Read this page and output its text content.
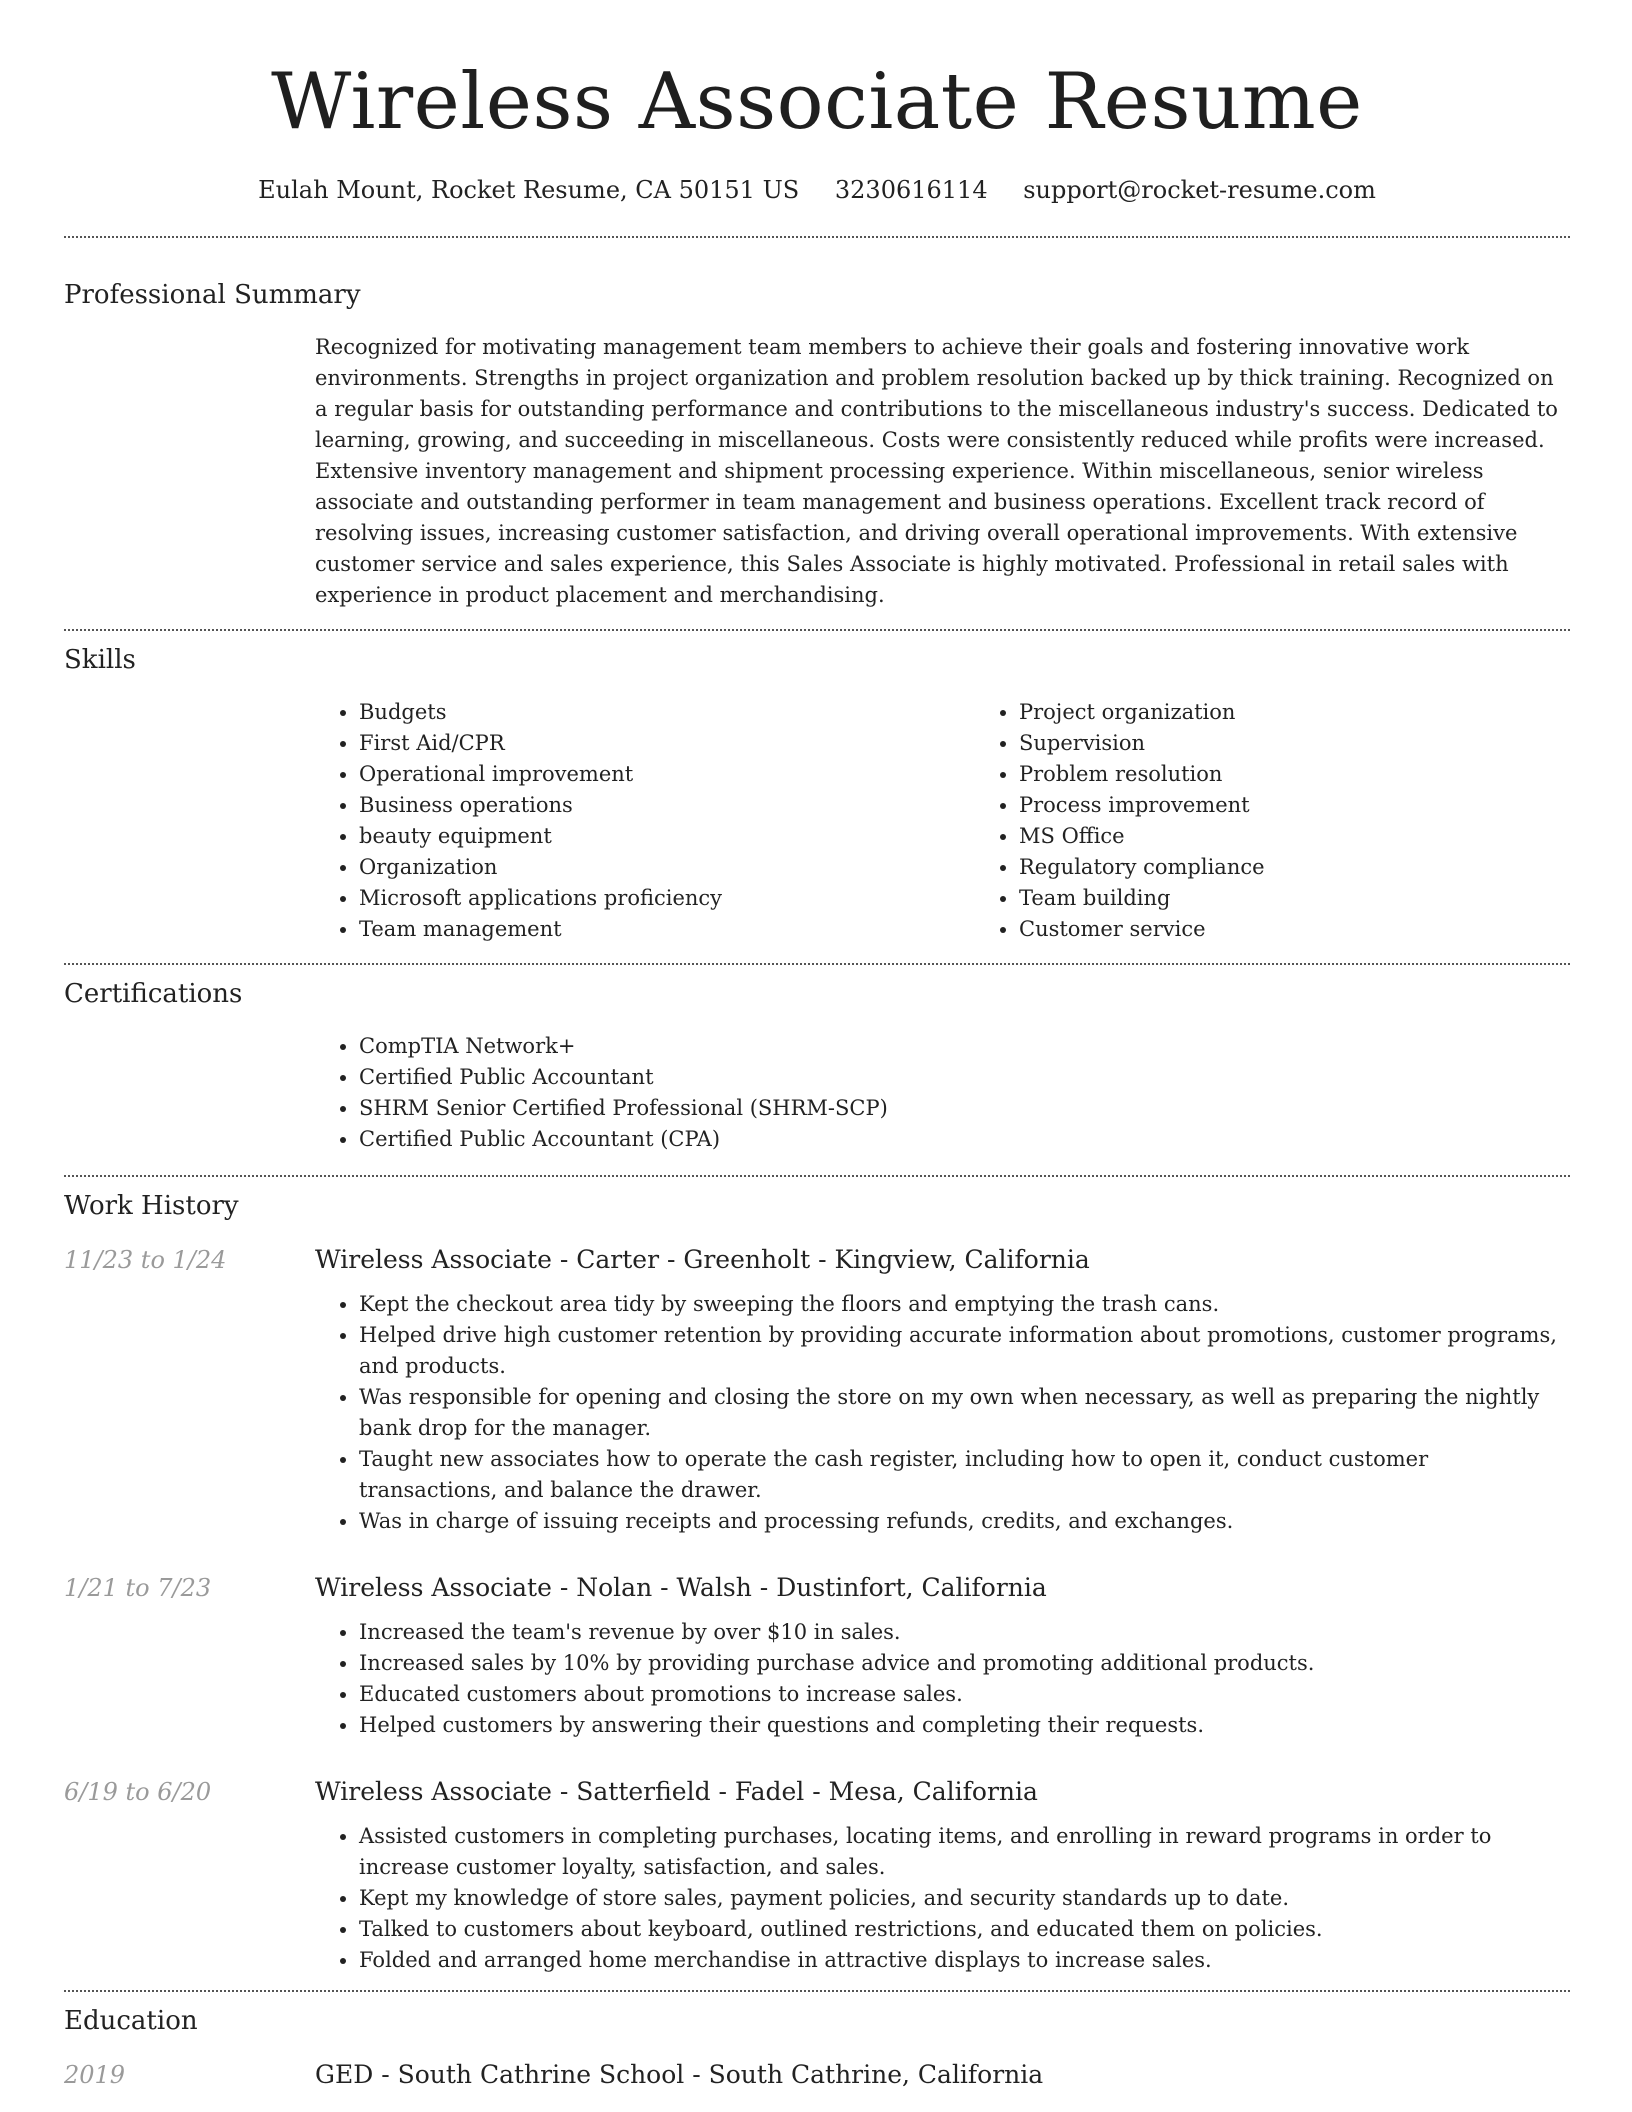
Wireless Associate Resume
Eulah Mount, Rocket Resume, CA 50151 US 3230616114 support@rocket-resume.com
Professional Summary

Recognized for motivating management team members to achieve their goals and fostering innovative work environments. Strengths in project organization and problem resolution backed up by thick training. Recognized on a regular basis for outstanding performance and contributions to the miscellaneous industry's success. Dedicated to learning, growing, and succeeding in miscellaneous. Costs were consistently reduced while profits were increased. Extensive inventory management and shipment processing experience. Within miscellaneous, senior wireless associate and outstanding performer in team management and business operations. Excellent track record of resolving issues, increasing customer satisfaction, and driving overall operational improvements. With extensive customer service and sales experience, this Sales Associate is highly motivated. Professional in retail sales with experience in product placement and merchandising.

Skills
• Budgets
• First Aid/CPR
• Operational improvement
• Business operations
• beauty equipment
• Organization
• Microsoft applications proficiency
• Team management
• Project organization
• Supervision
• Problem resolution
• Process improvement
• MS Office
• Regulatory compliance
• Team building
• Customer service
Certifications
• CompTIA Network+
• Certified Public Accountant
• SHRM Senior Certified Professional (SHRM-SCP)
• Certified Public Accountant (CPA)
Work History
11/23 to 1/24	Wireless Associate - Carter - Greenholt - Kingview, California
• Kept the checkout area tidy by sweeping the floors and emptying the trash cans.
• Helped drive high customer retention by providing accurate information about promotions, customer programs, and products.
• Was responsible for opening and closing the store on my own when necessary, as well as preparing the nightly bank drop for the manager.
• Taught new associates how to operate the cash register, including how to open it, conduct customer transactions, and balance the drawer.
• Was in charge of issuing receipts and processing refunds, credits, and exchanges.
1/21 to 7/23	Wireless Associate - Nolan - Walsh - Dustinfort, California
• Increased the team's revenue by over $10 in sales.
• Increased sales by 10% by providing purchase advice and promoting additional products.
• Educated customers about promotions to increase sales.
• Helped customers by answering their questions and completing their requests.
6/19 to 6/20	Wireless Associate - Satterfield - Fadel - Mesa, California
• Assisted customers in completing purchases, locating items, and enrolling in reward programs in order to increase customer loyalty, satisfaction, and sales.
• Kept my knowledge of store sales, payment policies, and security standards up to date.
• Talked to customers about keyboard, outlined restrictions, and educated them on policies.
• Folded and arranged home merchandise in attractive displays to increase sales.
Education
2019	GED - South Cathrine School - South Cathrine, California
